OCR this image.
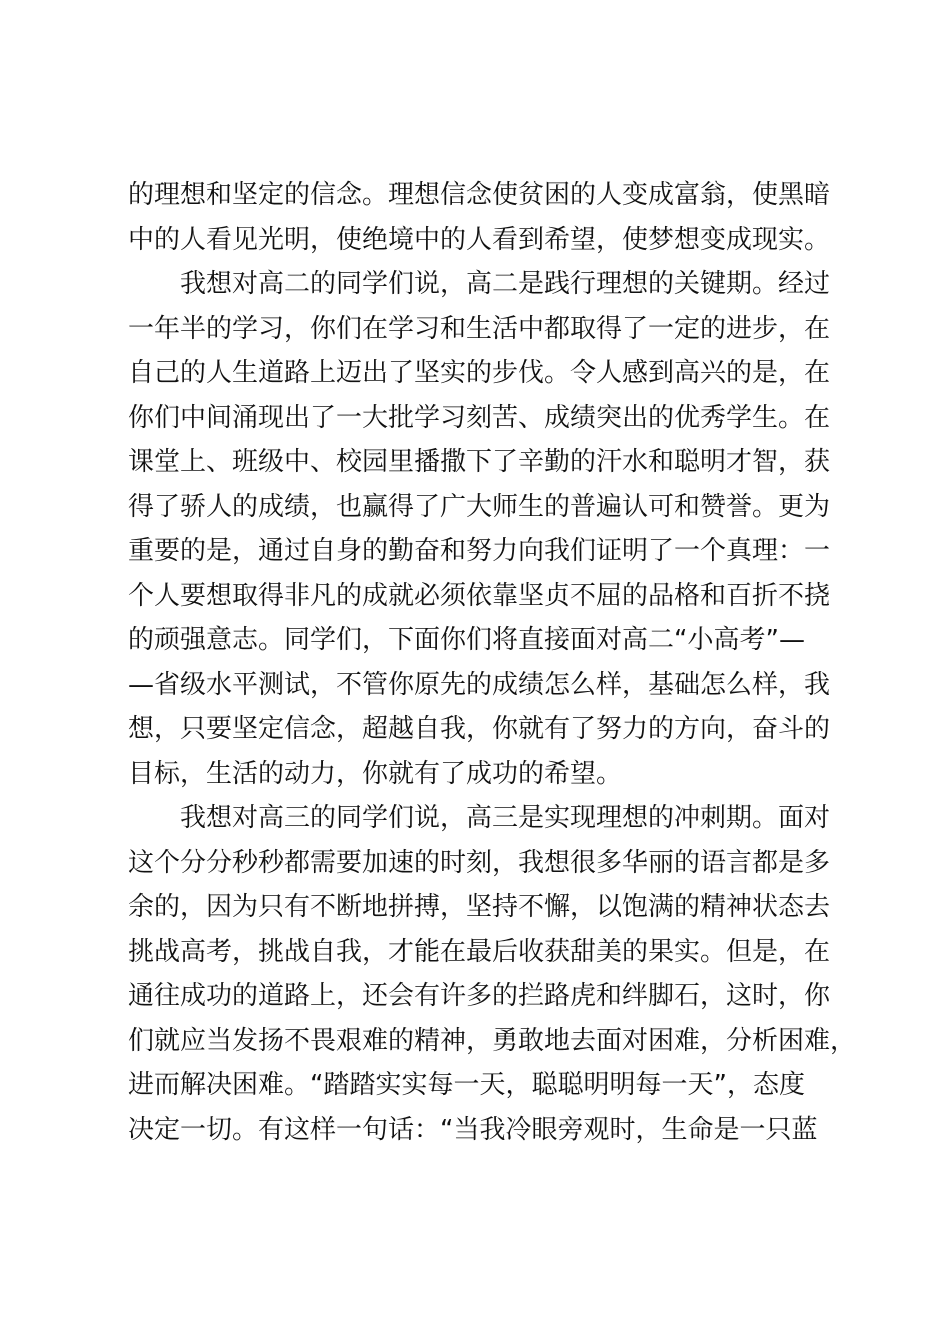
的理想和坚定的信念。理想信念使贫困的人变成富翁，使黑暗
中的人看见光明，使绝境中的人看到希望，使梦想变成现实。
　　我想对高二的同学们说，高二是践行理想的关键期。经过
一年半的学习，你们在学习和生活中都取得了一定的进步，在
自己的人生道路上迈出了坚实的步伐。令人感到高兴的是，在
你们中间涌现出了一大批学习刻苦、成绩突出的优秀学生。在
课堂上、班级中、校园里播撒下了辛勤的汗水和聪明才智，获
得了骄人的成绩，也赢得了广大师生的普遍认可和赞誉。更为
重要的是，通过自身的勤奋和努力向我们证明了一个真理：一
个人要想取得非凡的成就必须依靠坚贞不屈的品格和百折不挠
的顽强意志。同学们，下面你们将直接面对高二“小高考”—
—省级水平测试，不管你原先的成绩怎么样，基础怎么样，我
想，只要坚定信念，超越自我，你就有了努力的方向，奋斗的
目标，生活的动力，你就有了成功的希望。
　　我想对高三的同学们说，高三是实现理想的冲刺期。面对
这个分分秒秒都需要加速的时刻，我想很多华丽的语言都是多
余的，因为只有不断地拼搏，坚持不懈，以饱满的精神状态去
挑战高考，挑战自我，才能在最后收获甜美的果实。但是，在
通往成功的道路上，还会有许多的拦路虎和绊脚石，这时，你
们就应当发扬不畏艰难的精神，勇敢地去面对困难，分析困难，
进而解决困难。“踏踏实实每一天，聪聪明明每一天”，态度
决定一切。有这样一句话：“当我冷眼旁观时，生命是一只蓝
